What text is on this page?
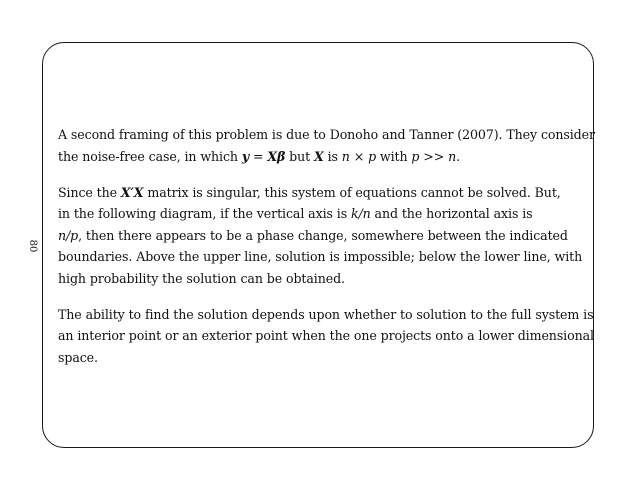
80

A second framing of this problem is due to Donoho and Tanner (2007). They consider
the noise-free case, in which y = Xβ but X is n × p with p >> n.

Since the X′X matrix is singular, this system of equations cannot be solved. But,
in the following diagram, if the vertical axis is k/n and the horizontal axis is
n/p, then there appears to be a phase change, somewhere between the indicated
boundaries. Above the upper line, solution is impossible; below the lower line, with
high probability the solution can be obtained.

The ability to find the solution depends upon whether to solution to the full system is
an interior point or an exterior point when the one projects onto a lower dimensional
space.
